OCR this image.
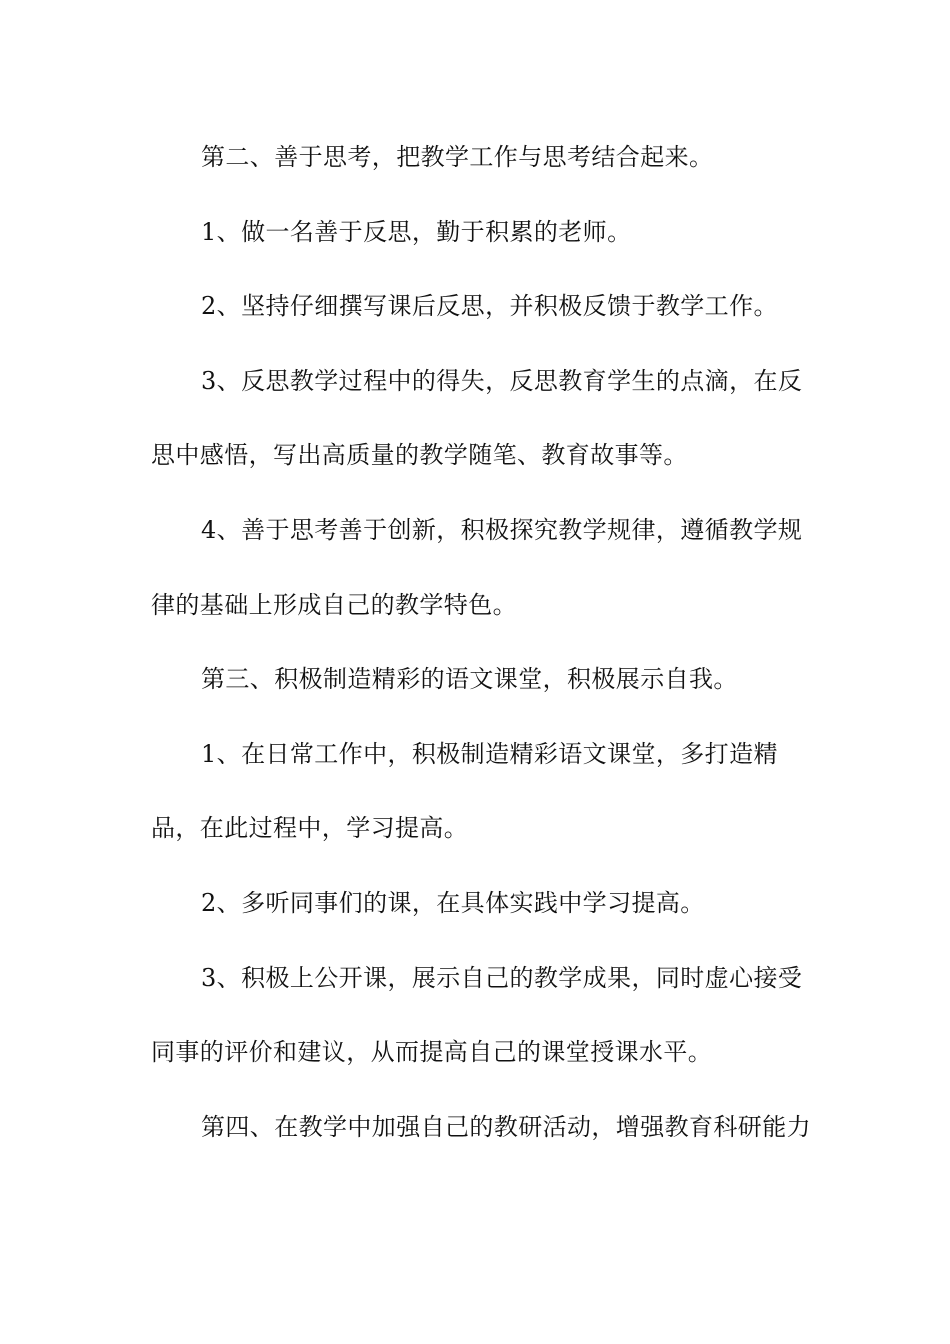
第二、善于思考，把教学工作与思考结合起来。

1、做一名善于反思，勤于积累的老师。

2、坚持仔细撰写课后反思，并积极反馈于教学工作。

3、反思教学过程中的得失，反思教育学生的点滴，在反思中感悟，写出高质量的教学随笔、教育故事等。

4、善于思考善于创新，积极探究教学规律，遵循教学规律的基础上形成自己的教学特色。

第三、积极制造精彩的语文课堂，积极展示自我。

1、在日常工作中，积极制造精彩语文课堂，多打造精品，在此过程中，学习提高。

2、多听同事们的课，在具体实践中学习提高。

3、积极上公开课，展示自己的教学成果，同时虚心接受同事的评价和建议，从而提高自己的课堂授课水平。

第四、在教学中加强自己的教研活动，增强教育科研能力
